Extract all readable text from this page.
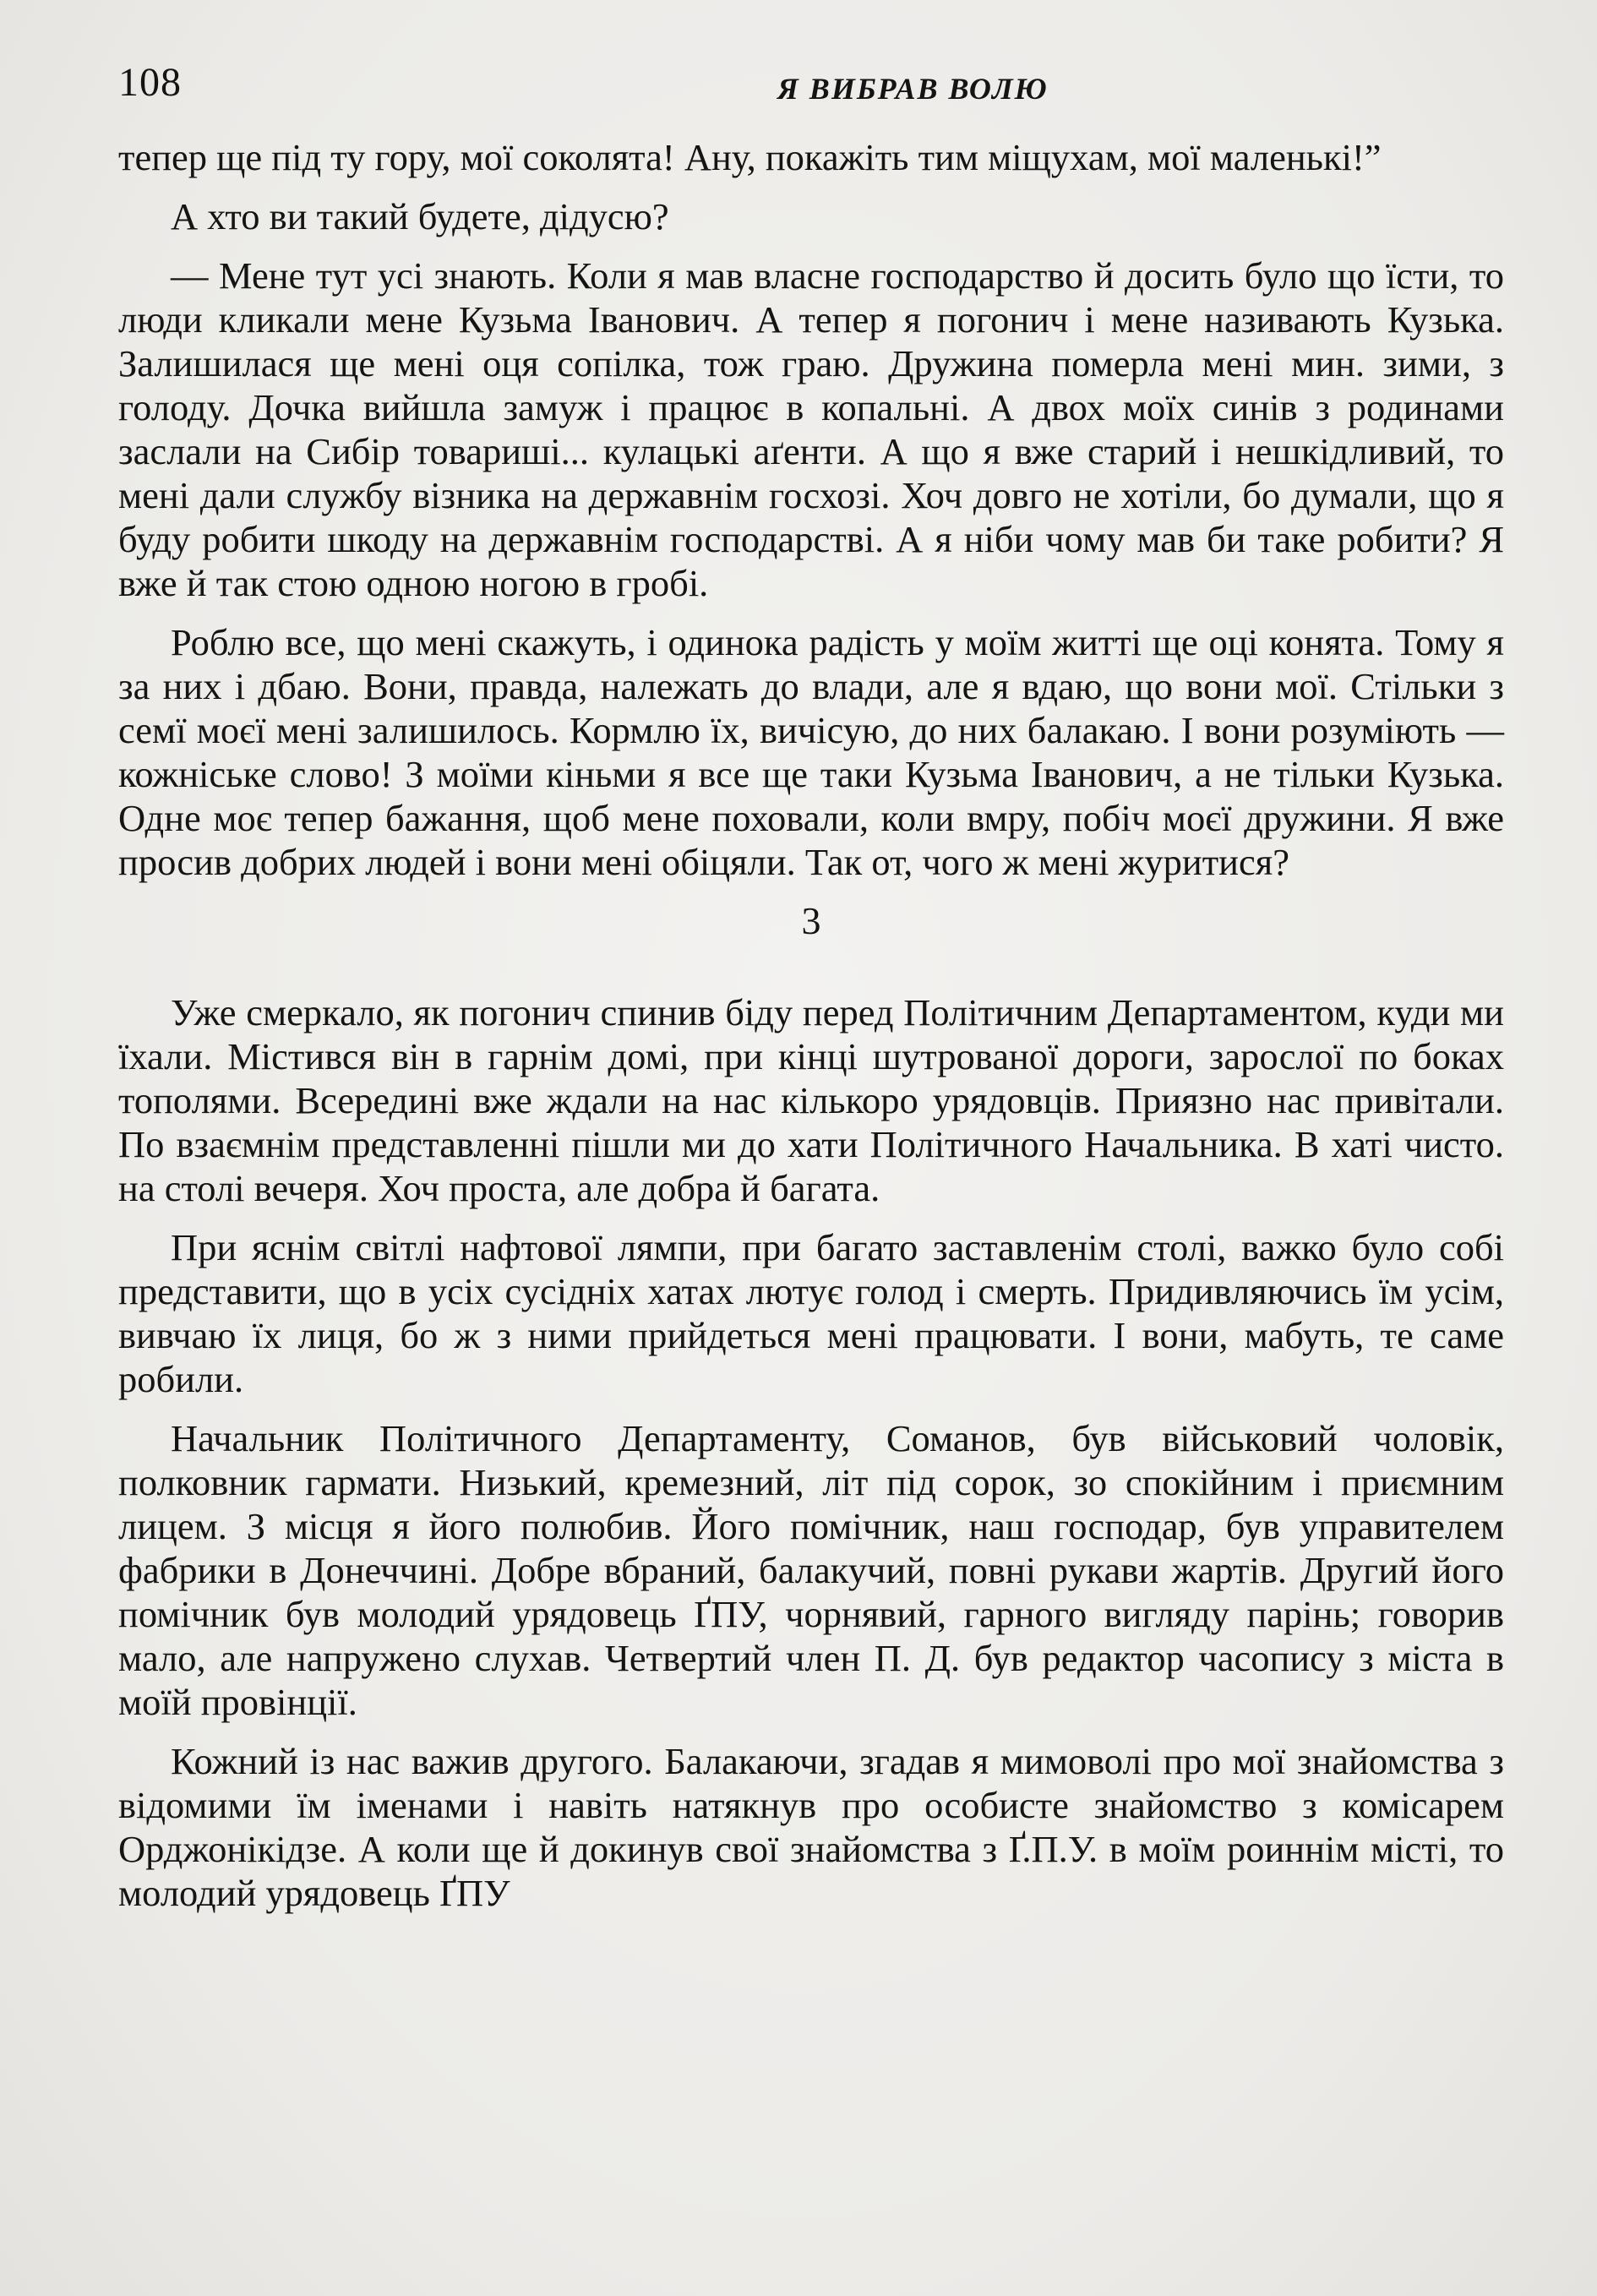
108	Я ВИБРАВ ВОЛЮ

тепер ще під ту гору, мої соколята! Ану, покажіть тим міщухам, мої маленькі!”

А хто ви такий будете, дідусю?

— Мене тут усі знають. Коли я мав власне господарство й досить було що їсти, то люди кликали мене Кузьма Іванович. А тепер я погонич і мене називають Кузька. Залишилася ще мені оця сопілка, тож граю. Дружина померла мені мин. зими, з голоду. Дочка вийшла замуж і працює в копальні. А двох моїх синів з родинами заслали на Сибір товариші... кулацькі аґенти. А що я вже старий і нешкідливий, то мені дали службу візника на державнім госхозі. Хоч довго не хотіли, бо думали, що я буду робити шкоду на державнім господарстві. А я ніби чому мав би таке робити? Я вже й так стою одною ногою в гробі.

Роблю все, що мені скажуть, і одинока радість у моїм житті ще оці конята. Тому я за них і дбаю. Вони, правда, належать до влади, але я вдаю, що вони мої. Стільки з семї моєї мені залишилось. Кормлю їх, вичісую, до них балакаю. І вони розуміють — кожніське слово! З моїми кіньми я все ще таки Кузьма Іванович, а не тільки Кузька. Одне моє тепер бажання, щоб мене поховали, коли вмру, побіч моєї дружини. Я вже просив добрих людей і вони мені обіцяли. Так от, чого ж мені журитися?

3

Уже смеркало, як погонич спинив біду перед Політичним Департаментом, куди ми їхали. Містився він в гарнім домі, при кінці шутрованої дороги, зарослої по боках тополями. Всередині вже ждали на нас кількоро урядовців. Приязно нас привітали. По взаємнім представленні пішли ми до хати Політичного Начальника. В хаті чисто. на столі вечеря. Хоч проста, але добра й багата.

При яснім світлі нафтової лямпи, при багато заставленім столі, важко було собі представити, що в усіх сусідніх хатах лютує голод і смерть. Придивляючись їм усім, вивчаю їх лиця, бо ж з ними прийдеться мені працювати. І вони, мабуть, те саме робили.

Начальник Політичного Департаменту, Соманов, був військовий чоловік, полковник гармати. Низький, кремезний, літ під сорок, зо спокійним і приємним лицем. З місця я його полюбив. Його помічник, наш господар, був управителем фабрики в Донеччині. Добре вбраний, балакучий, повні рукави жартів. Другий його помічник був молодий урядовець ҐПУ, чорнявий, гарного вигляду парінь; говорив мало, але напружено слухав. Четвертий член П. Д. був редактор часопису з міста в моїй провінції.

Кожний із нас важив другого. Балакаючи, згадав я мимоволі про мої знайомства з відомими їм іменами і навіть натякнув про особисте знайомство з комісарем Орджонікідзе. А коли ще й докинув свої знайомства з Ґ.П.У. в моїм роиннім місті, то молодий урядовець ҐПУ
